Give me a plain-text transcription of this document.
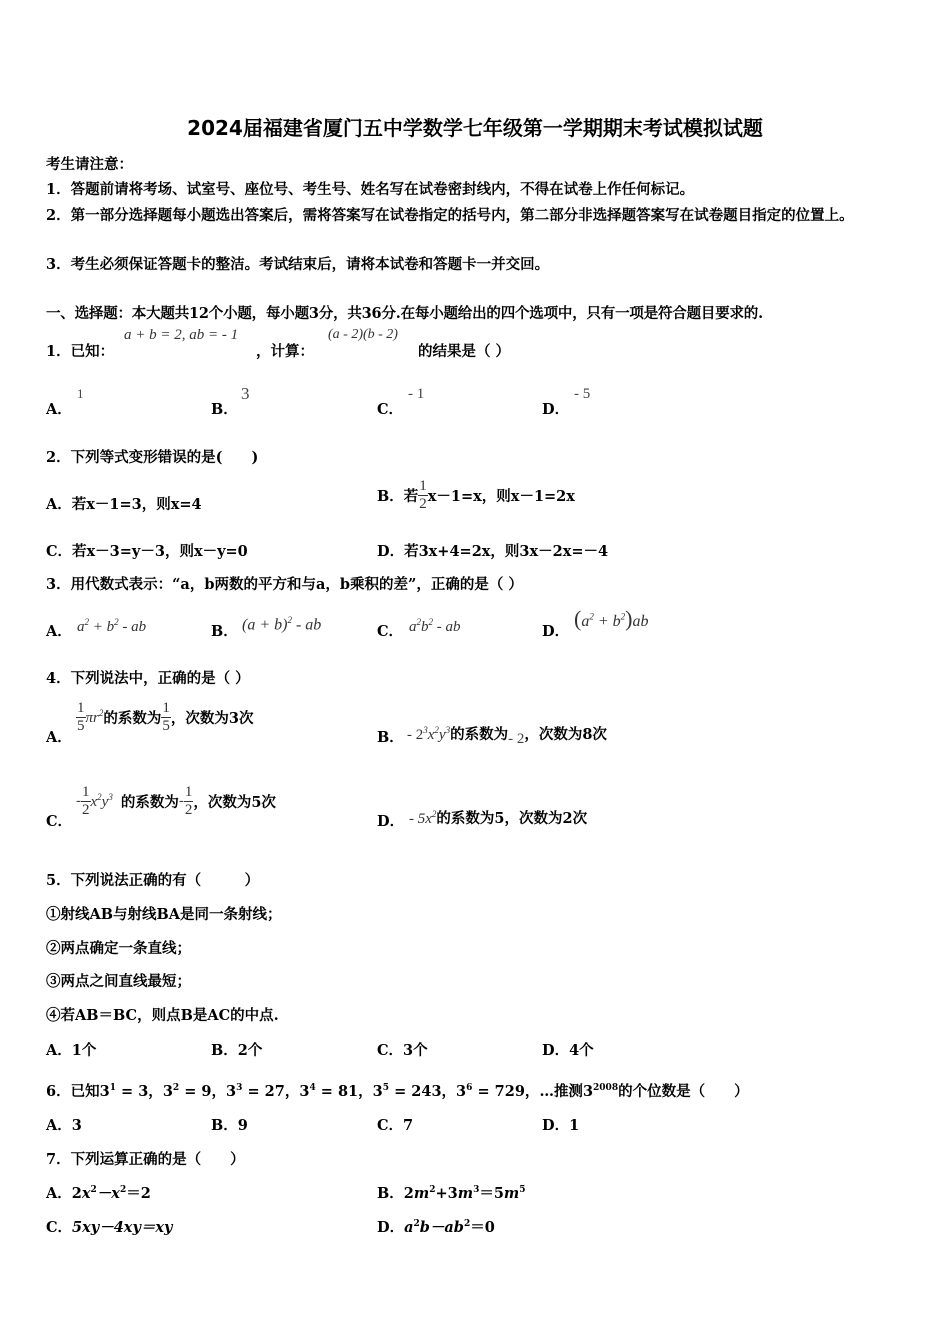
2024届福建省厦门五中学数学七年级第一学期期末考试模拟试题
考生请注意：
1．答题前请将考场、试室号、座位号、考生号、姓名写在试卷密封线内，不得在试卷上作任何标记。
2．第一部分选择题每小题选出答案后，需将答案写在试卷指定的括号内，第二部分非选择题答案写在试卷题目指定的位置上。
3．考生必须保证答题卡的整洁。考试结束后，请将本试卷和答题卡一并交回。
一、选择题：本大题共12个小题，每小题3分，共36分.在每小题给出的四个选项中，只有一项是符合题目要求的.
1．已知：
a + b = 2, ab = - 1
，计算：
(a - 2)(b - 2)
的结果是（ ）
A．
1
B．
3
C．
- 1
D．
- 5
2．下列等式变形错误的是(　　)
A．若x－1=3，则x=4	B．若 $\frac{1}{2} x-1=x$，则x－1=2x
C．若x－3=y－3，则x－y=0	D．若3x+4=2x，则3x－2x=－4
3．用代数式表示：“a，b两数的平方和与a，b乘积的差”，正确的是（ ）
A． $a^2 + b^2$ - ab	B． $(a + b)^2$ - ab	C． $a^2b^2$ - ab	D．
$(a^2 + b^2)ab$
4．下列说法中，正确的是（ ）
A．
$\frac{1}{5} \pi r^2$的系数为 $\frac{1}{5}$ ，次数为3次
B． - $2^3x^2y^3$的系数为- 2，次数为8次
C．
- $\frac{1}{2} x^2y^3$ 的系数为- $\frac{1}{2}$ ，次数为5次
D． - $5x^2$的系数为5，次数为2次
5．下列说法正确的有（　　　）
①射线AB与射线BA是同一条射线；
②两点确定一条直线；
③两点之间直线最短；
④若AB＝BC，则点B是AC的中点.
A．1个	B．2个	C．3个	D．4个
6．已知$3^1 = 3$，$3^2 = 9$，$3^3 = 27$，$3^4 = 81$，$3^5 = 243$，$3^6 = 729$，…推测$3^{2008}$的个位数是（　　）
A．3	B．9	C．7	D．1
7．下列运算正确的是（　　）
A．$2x^2-x^2=2$	B．$2m^2+3m^3=5m^5$
C．5xy－4xy＝xy	D．$a^2b-ab^2=0$
